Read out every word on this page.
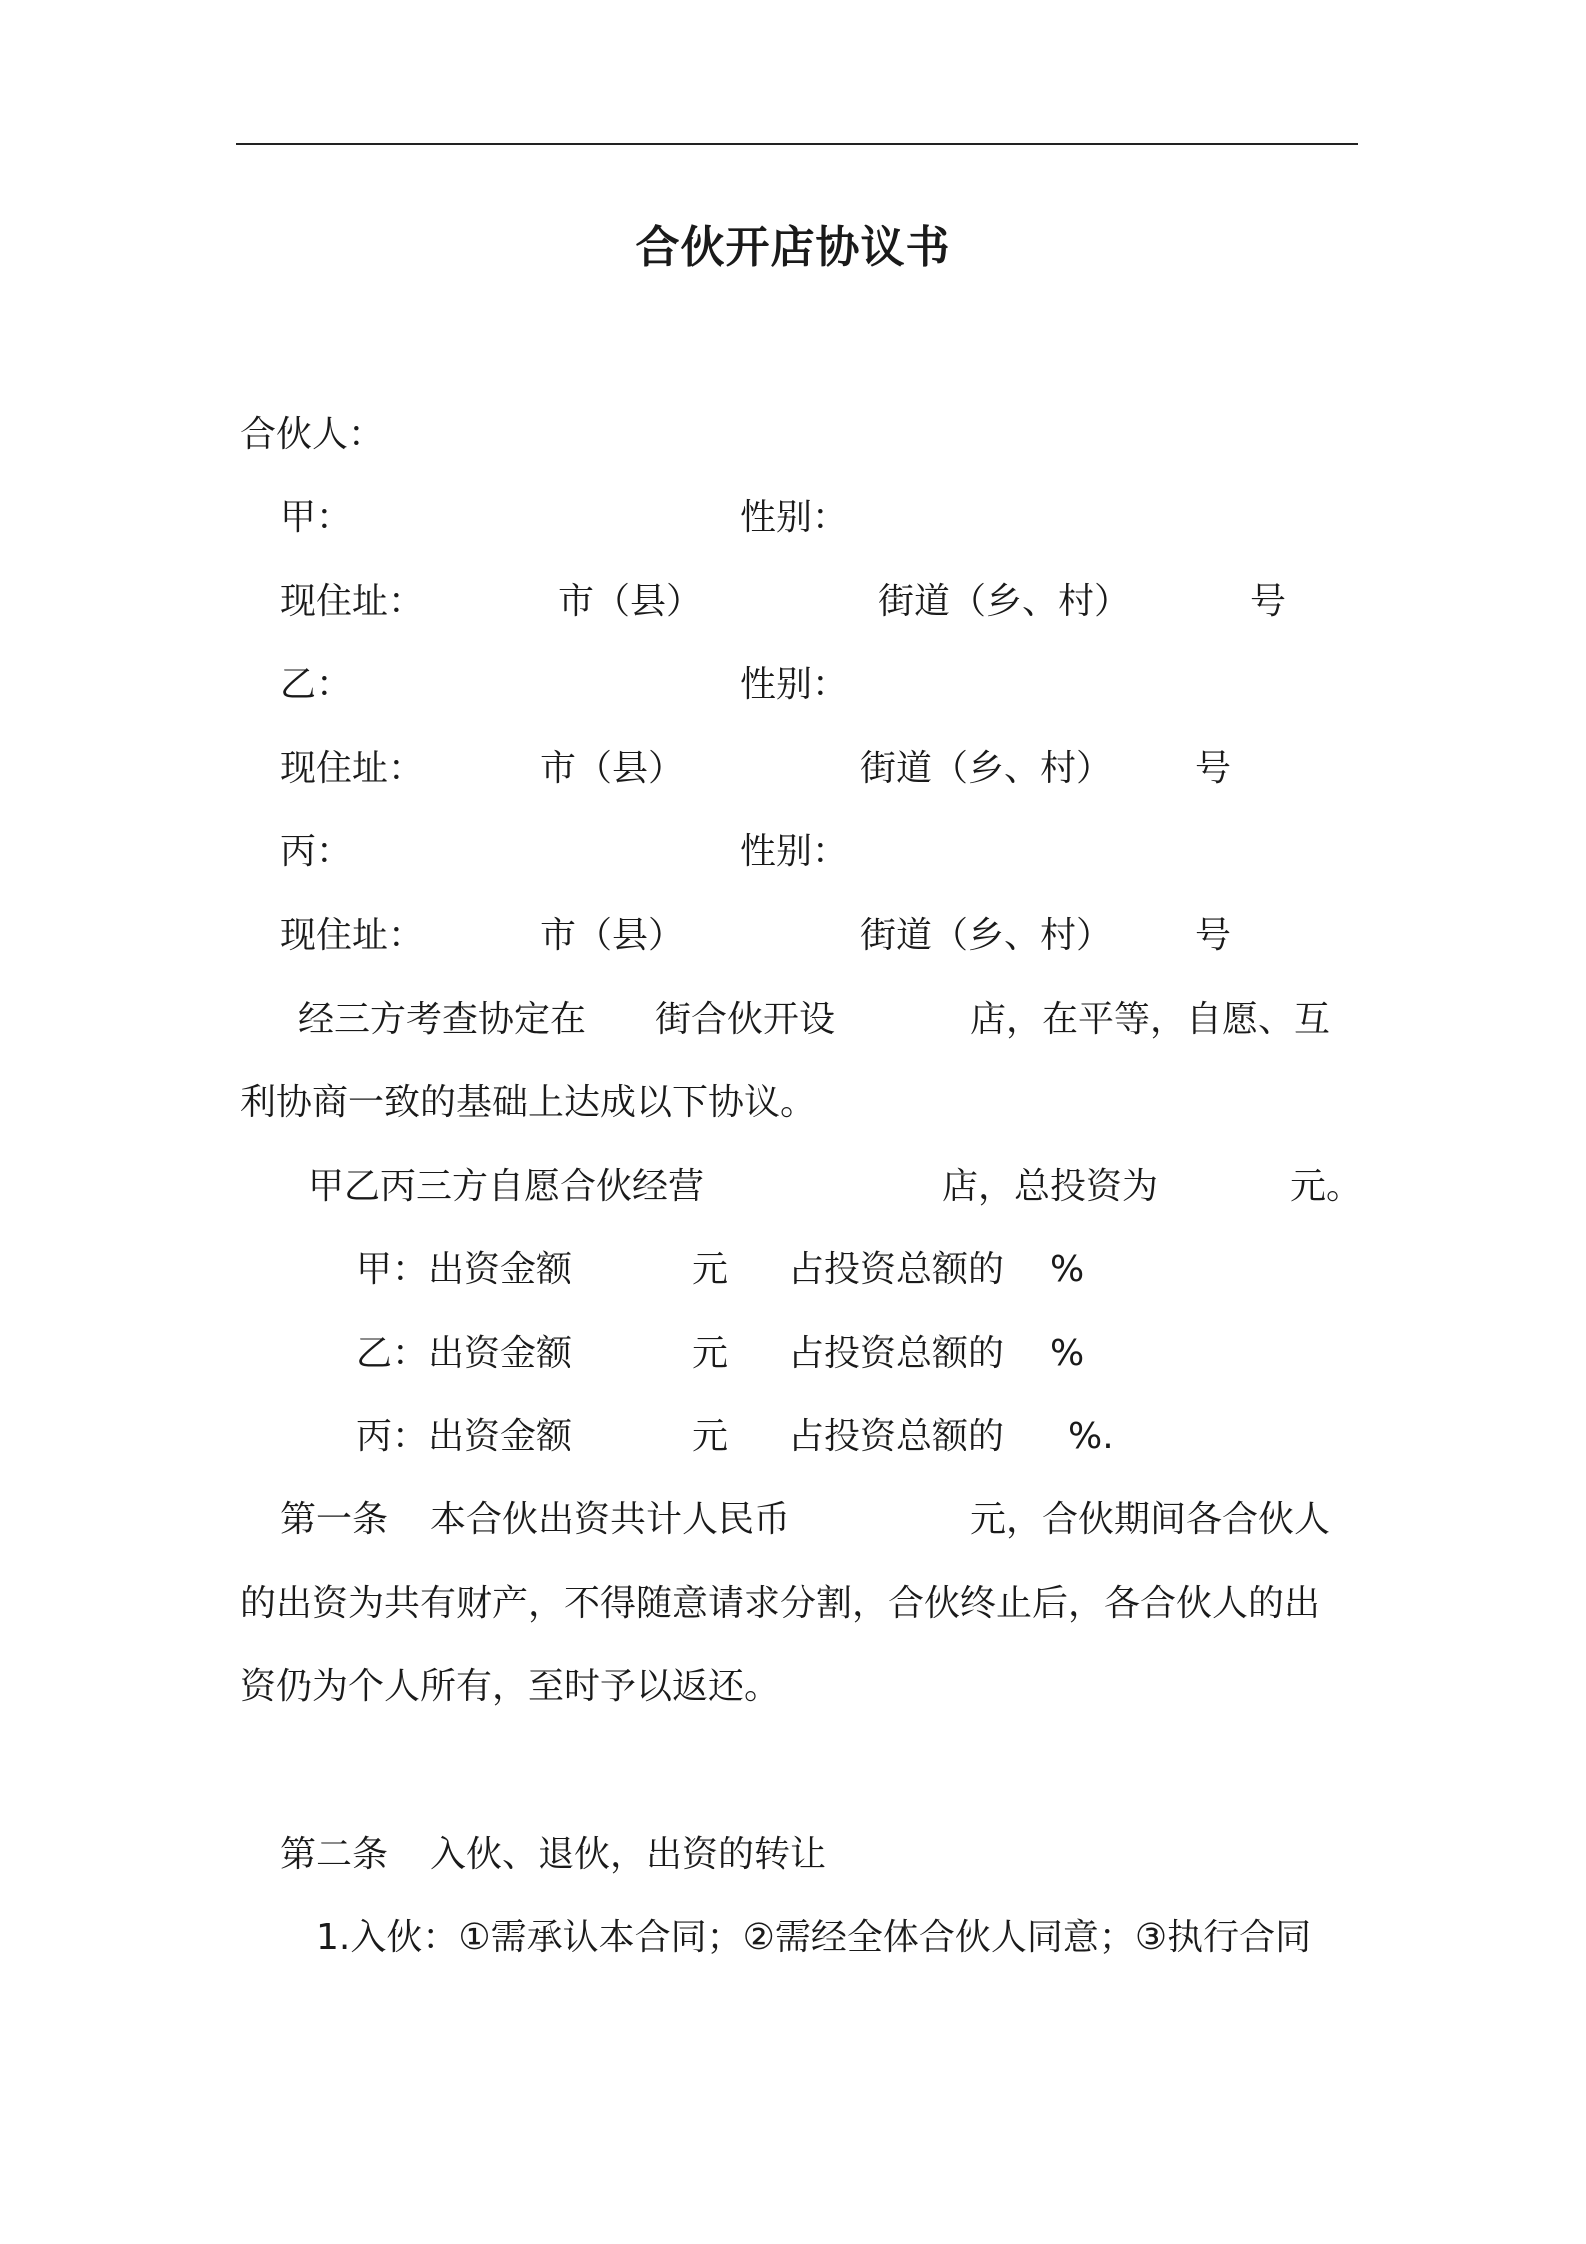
合伙开店协议书
合伙人：
甲：	性别：
现住址：	市（县）	街道（乡、村）	号
乙：	性别：
现住址：	市（县）	街道（乡、村） 号
丙：	性别：
现住址：	市（县）	街道（乡、村） 号
经三方考查协定在 街合伙开设	店，在平等，自愿、互
利协商一致的基础上达成以下协议。
甲乙丙三方自愿合伙经营	店，总投资为	元。
甲：出资金额	元 占投资总额的 %
乙：出资金额	元 占投资总额的 %
丙：出资金额	元 占投资总额的 %.
第一条 本合伙出资共计人民币	元，合伙期间各合伙人
的出资为共有财产，不得随意请求分割，合伙终止后，各合伙人的出
资仍为个人所有，至时予以返还。
第二条 入伙、退伙，出资的转让
1.入伙：①需承认本合同；②需经全体合伙人同意；③执行合同
